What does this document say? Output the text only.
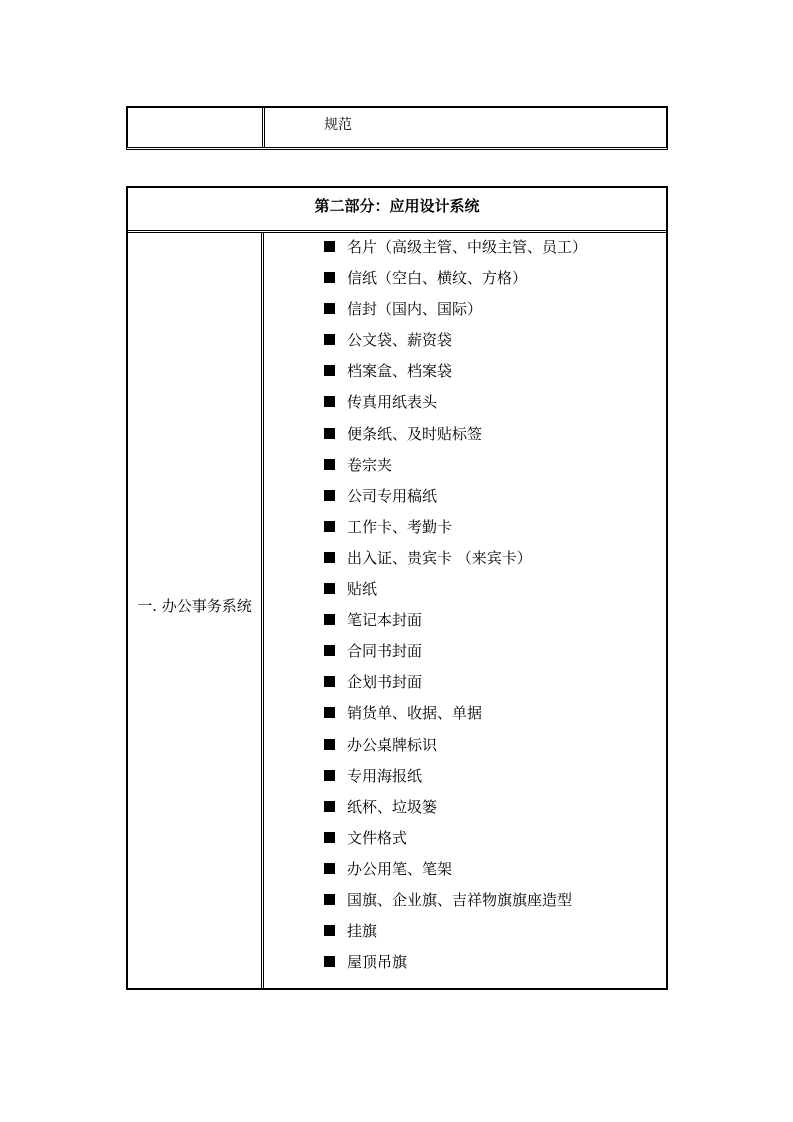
规范
第二部分：应用设计系统
一. 办公事务系统
名片（高级主管、中级主管、员工）
信纸（空白、横纹、方格）
信封（国内、国际）
公文袋、薪资袋
档案盒、档案袋
传真用纸表头
便条纸、及时贴标签
卷宗夹
公司专用稿纸
工作卡、考勤卡
出入证、贵宾卡 （来宾卡）
贴纸
笔记本封面
合同书封面
企划书封面
销货单、收据、单据
办公桌牌标识
专用海报纸
纸杯、垃圾篓
文件格式
办公用笔、笔架
国旗、企业旗、吉祥物旗旗座造型
挂旗
屋顶吊旗
